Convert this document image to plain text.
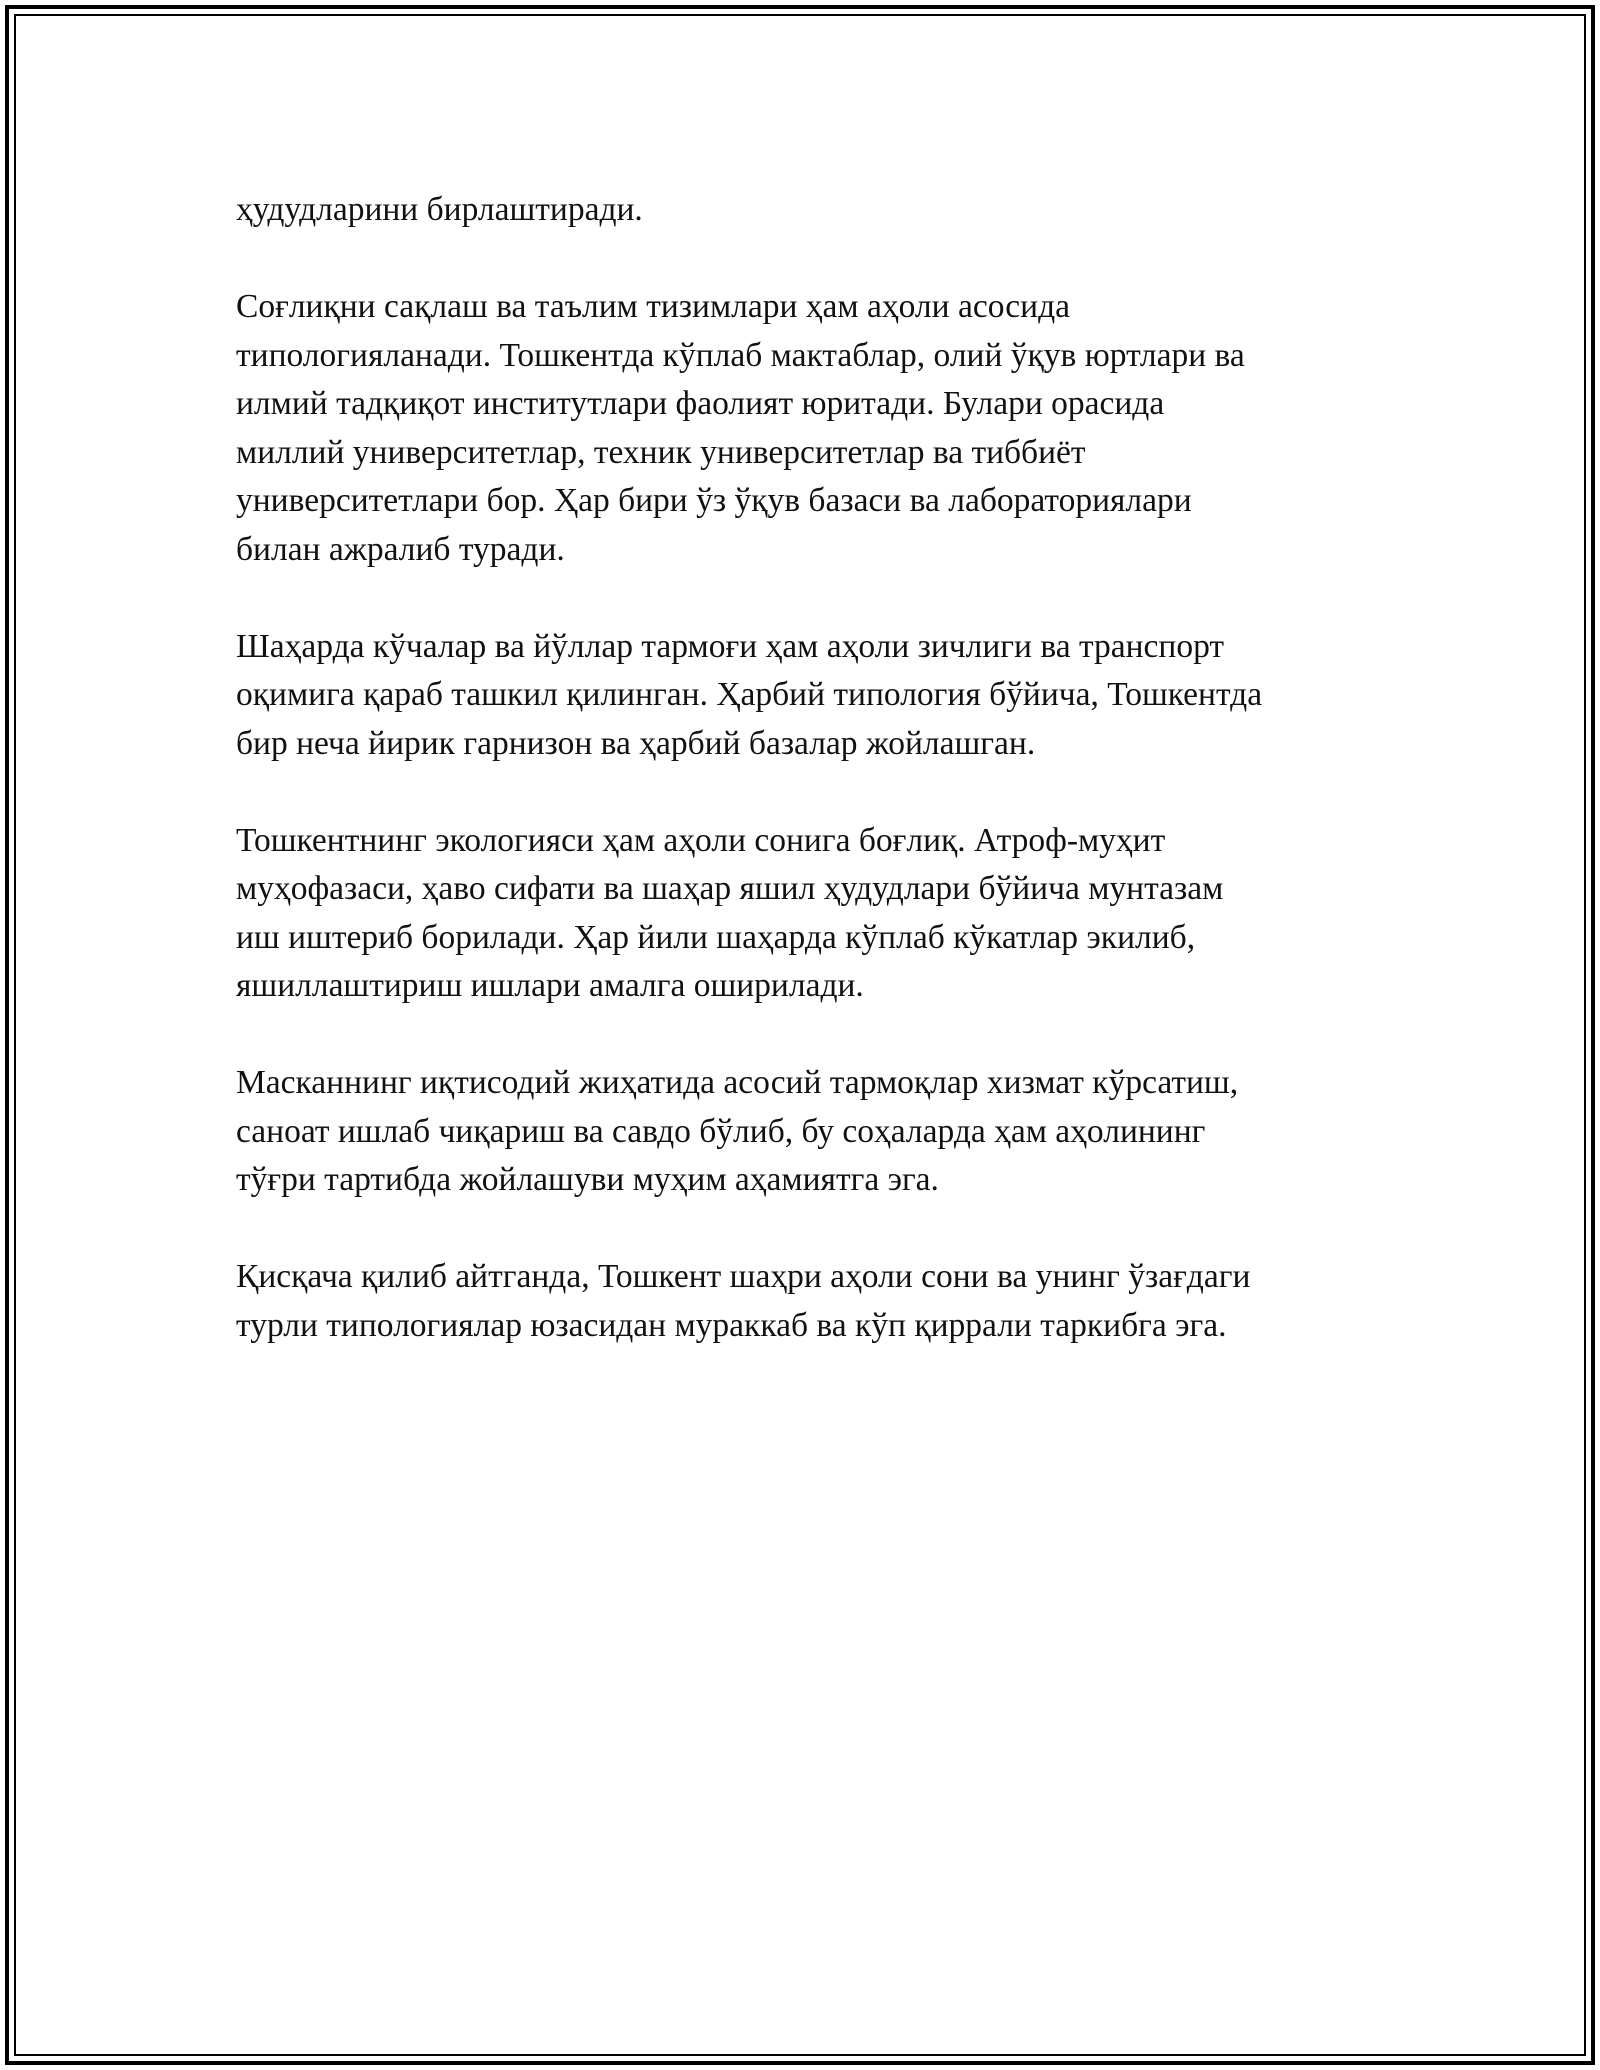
ҳудудларини бирлаштиради.

Соғлиқни сақлаш ва таълим тизимлари ҳам аҳоли асосида
типологияланади. Тошкентда кўплаб мактаблар, олий ўқув юртлари ва
илмий тадқиқот институтлари фаолият юритади. Булари орасида
миллий университетлар, техник университетлар ва тиббиёт
университетлари бор. Ҳар бири ўз ўқув базаси ва лабораториялари
билан ажралиб туради.

Шаҳарда кўчалар ва йўллар тармоғи ҳам аҳоли зичлиги ва транспорт
оқимига қараб ташкил қилинган. Ҳарбий типология бўйича, Тошкентда
бир неча йирик гарнизон ва ҳарбий базалар жойлашган.

Тошкентнинг экологияси ҳам аҳоли сонига боғлиқ. Атроф-муҳит
муҳофазаси, ҳаво сифати ва шаҳар яшил ҳудудлари бўйича мунтазам
иш иштериб борилади. Ҳар йили шаҳарда кўплаб кўкатлар экилиб,
яшиллаштириш ишлари амалга оширилади.

Масканнинг иқтисодий жиҳатида асосий тармоқлар хизмат кўрсатиш,
саноат ишлаб чиқариш ва савдо бўлиб, бу соҳаларда ҳам аҳолининг
тўғри тартибда жойлашуви муҳим аҳамиятга эга.

Қисқача қилиб айтганда, Тошкент шаҳри аҳоли сони ва унинг ўзағдаги
турли типологиялар юзасидан мураккаб ва кўп қиррали таркибга эга.
